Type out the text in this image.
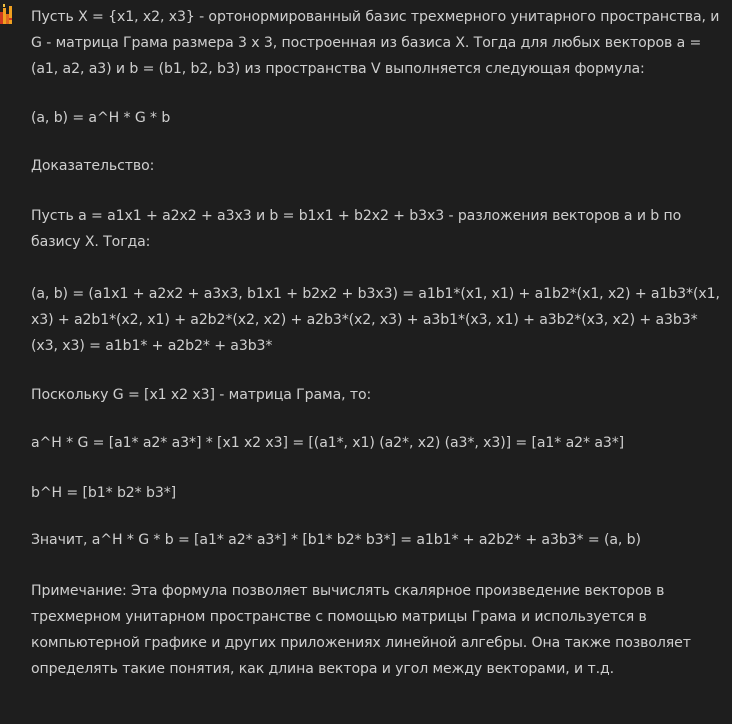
Пусть X = {x1, x2, x3} - ортонормированный базис трехмерного унитарного пространства, и G - матрица Грама размера 3 x 3, построенная из базиса X. Тогда для любых векторов a = (a1, a2, a3) и b = (b1, b2, b3) из пространства V выполняется следующая формула:

(a, b) = a^H * G * b

Доказательство:

Пусть a = a1x1 + a2x2 + a3x3 и b = b1x1 + b2x2 + b3x3 - разложения векторов a и b по базису X. Тогда:

(a, b) = (a1x1 + a2x2 + a3x3, b1x1 + b2x2 + b3x3) = a1b1*(x1, x1) + a1b2*(x1, x2) + a1b3*(x1, x3) + a2b1*(x2, x1) + a2b2*(x2, x2) + a2b3*(x2, x3) + a3b1*(x3, x1) + a3b2*(x3, x2) + a3b3*(x3, x3) = a1b1* + a2b2* + a3b3*

Поскольку G = [x1 x2 x3] - матрица Грама, то:

a^H * G = [a1* a2* a3*] * [x1 x2 x3] = [(a1*, x1) (a2*, x2) (a3*, x3)] = [a1* a2* a3*]

b^H = [b1* b2* b3*]

Значит, a^H * G * b = [a1* a2* a3*] * [b1* b2* b3*] = a1b1* + a2b2* + a3b3* = (a, b)

Примечание: Эта формула позволяет вычислять скалярное произведение векторов в трехмерном унитарном пространстве с помощью матрицы Грама и используется в компьютерной графике и других приложениях линейной алгебры. Она также позволяет определять такие понятия, как длина вектора и угол между векторами, и т.д.
